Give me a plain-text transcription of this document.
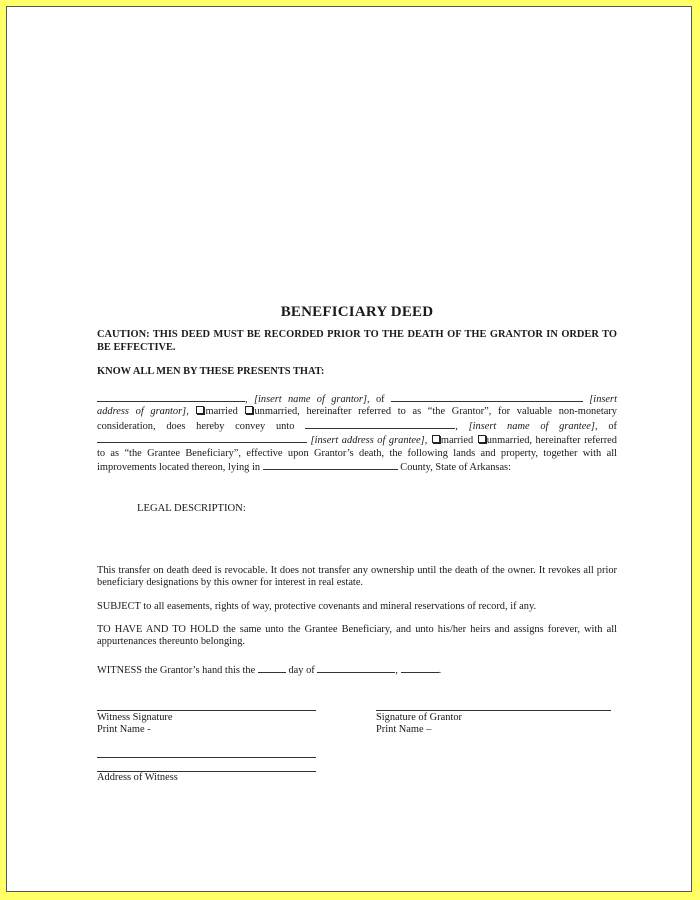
BENEFICIARY DEED
CAUTION: THIS DEED MUST BE RECORDED PRIOR TO THE DEATH OF THE GRANTOR IN ORDER TO BE EFFECTIVE.
KNOW ALL MEN BY THESE PRESENTS THAT:
, [insert name of grantor], of	[insert address of grantor], married unmarried, hereinafter referred to as “the Grantor”, for valuable non-monetary consideration, does hereby convey unto	, [insert name of grantee], of  [insert address of grantee], married unmarried, hereinafter referred to as “the Grantee Beneficiary”, effective upon Grantor’s death, the following lands and property, together with all improvements located thereon, lying in	County, State of Arkansas:
LEGAL DESCRIPTION:
This transfer on death deed is revocable. It does not transfer any ownership until the death of the owner. It revokes all prior beneficiary designations by this owner for interest in real estate.
SUBJECT to all easements, rights of way, protective covenants and mineral reservations of record, if any.
TO HAVE AND TO HOLD the same unto the Grantee Beneficiary, and unto his/her heirs and assigns forever, with all appurtenances thereunto belonging.
WITNESS the Grantor’s hand this the	day of	,	.
Witness Signature
Print Name -
Signature of Grantor
Print Name –
Address of Witness
